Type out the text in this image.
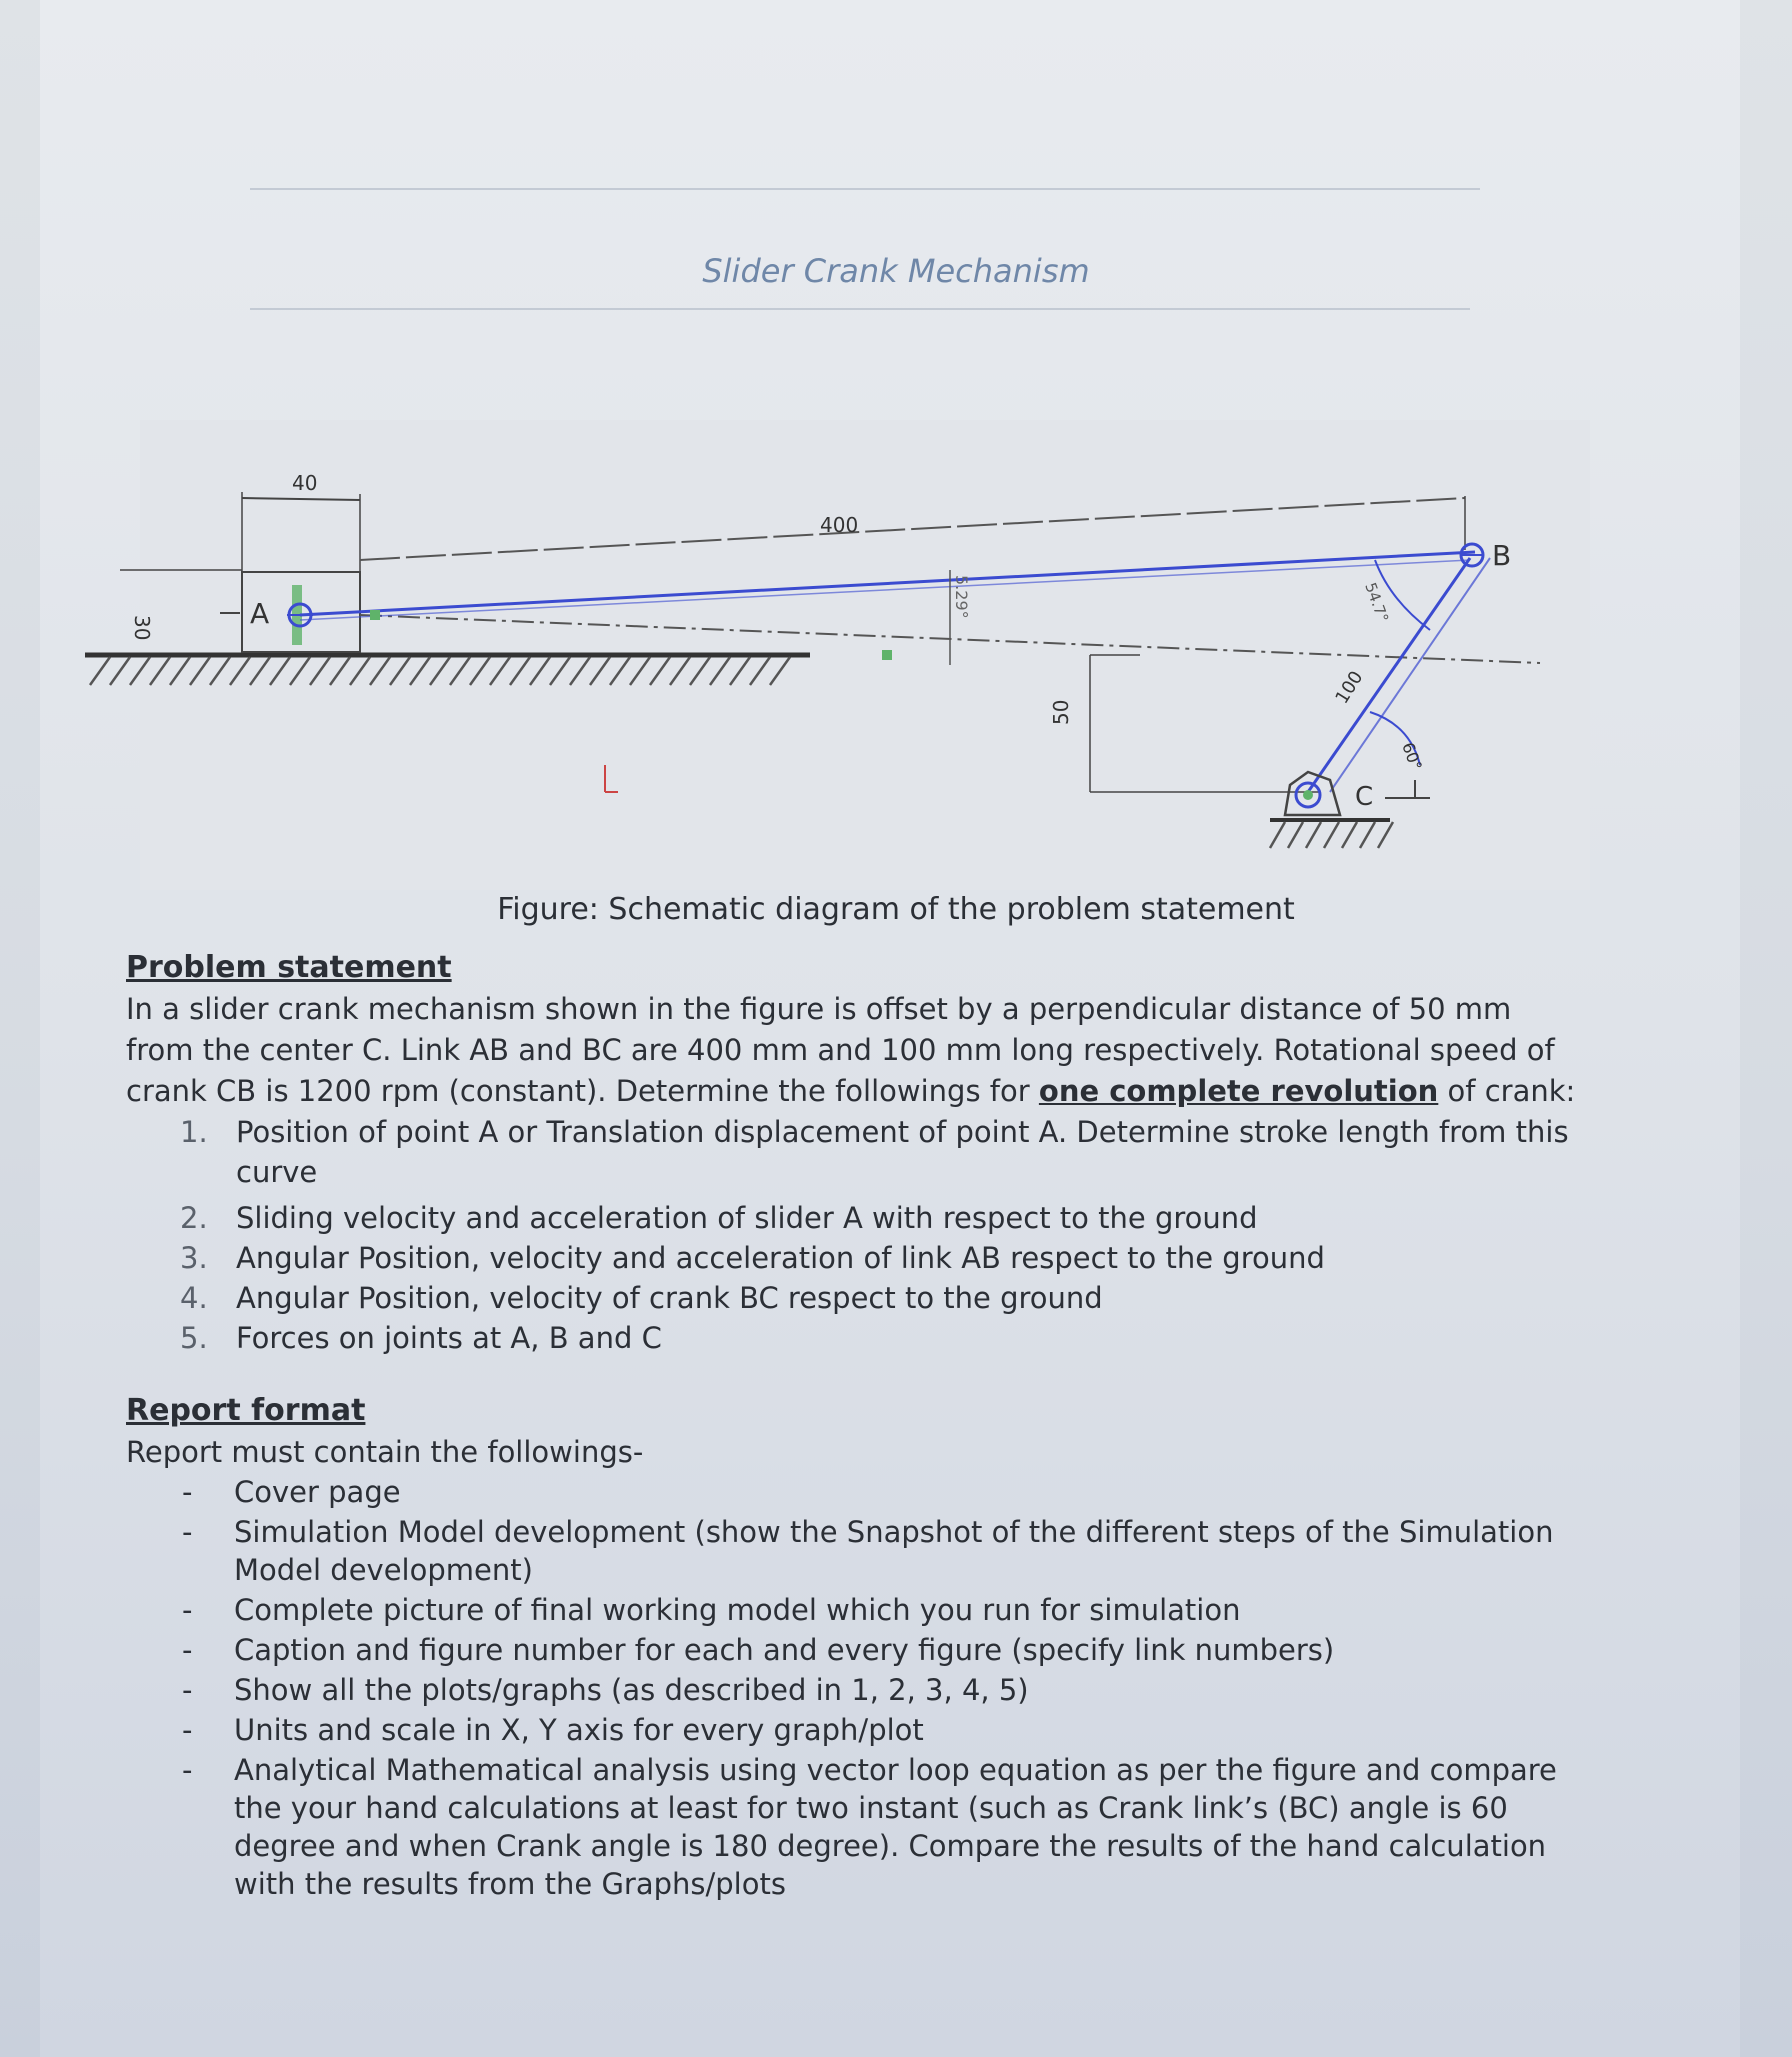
Slider Crank Mechanism
40
30	A
400
5.29°
50
100
54.7°
60°
B
C
Figure: Schematic diagram of the problem statement
Problem statement
In a slider crank mechanism shown in the figure is offset by a perpendicular distance of 50 mm from the center C. Link AB and BC are 400 mm and 100 mm long respectively. Rotational speed of crank CB is 1200 rpm (constant). Determine the followings for one complete revolution of crank:
1. Position of point A or Translation displacement of point A. Determine stroke length from this curve
2. Sliding velocity and acceleration of slider A with respect to the ground
3. Angular Position, velocity and acceleration of link AB respect to the ground
4. Angular Position, velocity of crank BC respect to the ground
5. Forces on joints at A, B and C
Report format
Report must contain the followings-
- Cover page
- Simulation Model development (show the Snapshot of the different steps of the Simulation Model development)
- Complete picture of final working model which you run for simulation
- Caption and figure number for each and every figure (specify link numbers)
- Show all the plots/graphs (as described in 1, 2, 3, 4, 5)
- Units and scale in X, Y axis for every graph/plot
- Analytical Mathematical analysis using vector loop equation as per the figure and compare the your hand calculations at least for two instant (such as Crank link’s (BC) angle is 60 degree and when Crank angle is 180 degree). Compare the results of the hand calculation with the results from the Graphs/plots
